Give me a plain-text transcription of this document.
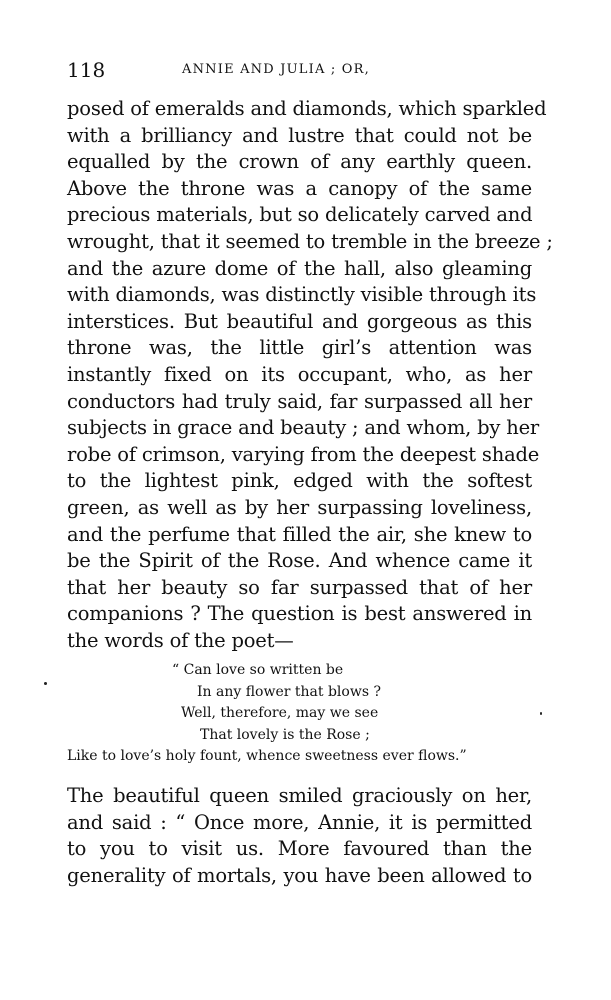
118	ANNIE AND JULIA ; OR,
posed of emeralds and diamonds, which sparkled
with a brilliancy and lustre that could not be
equalled by the crown of any earthly queen.
Above the throne was a canopy of the same
precious materials, but so delicately carved and
wrought, that it seemed to tremble in the breeze ;
and the azure dome of the hall, also gleaming
with diamonds, was distinctly visible through its
interstices. But beautiful and gorgeous as this
throne was, the little girl’s attention was
instantly fixed on its occupant, who, as her
conductors had truly said, far surpassed all her
subjects in grace and beauty ; and whom, by her
robe of crimson, varying from the deepest shade
to the lightest pink, edged with the softest
green, as well as by her surpassing loveliness,
and the perfume that filled the air, she knew to
be the Spirit of the Rose. And whence came it
that her beauty so far surpassed that of her
companions ? The question is best answered in
the words of the poet—
“ Can love so written be
In any flower that blows ?
Well, therefore, may we see
That lovely is the Rose ;
Like to love’s holy fount, whence sweetness ever flows.”
The beautiful queen smiled graciously on her,
and said : “ Once more, Annie, it is permitted
to you to visit us. More favoured than the
generality of mortals, you have been allowed to
